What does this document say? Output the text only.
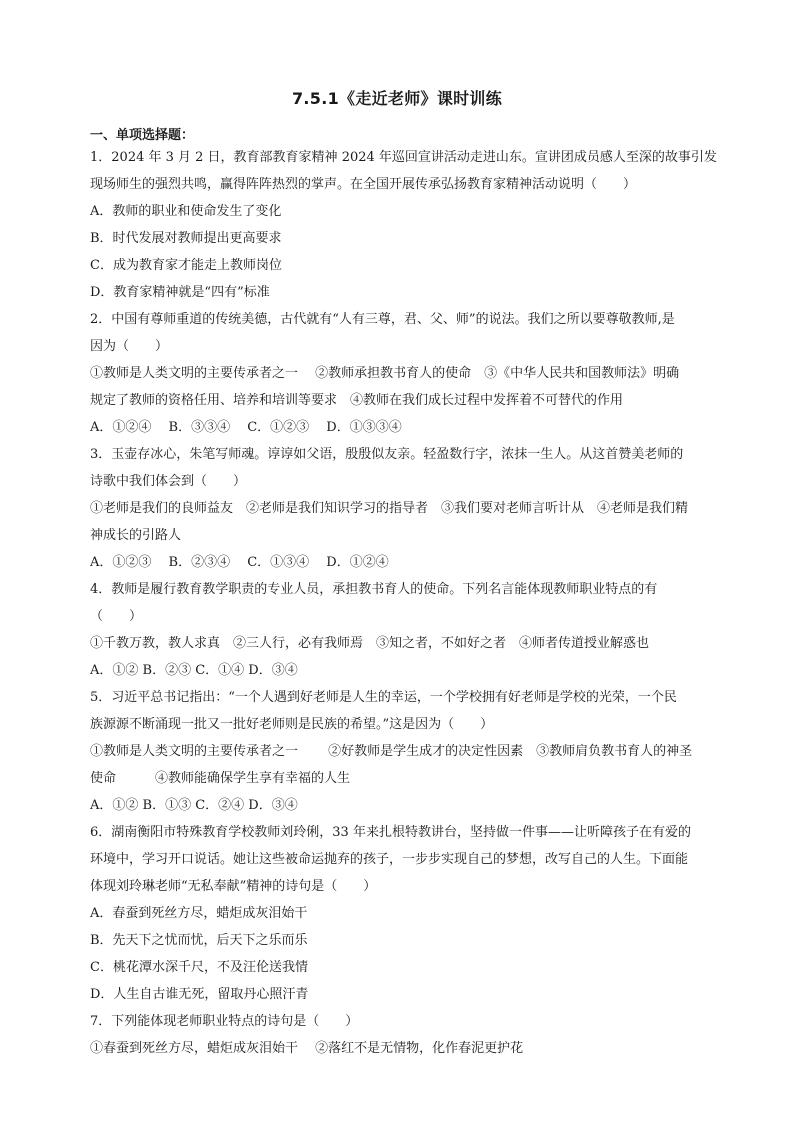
7.5.1《走近老师》课时训练
一、单项选择题：
1．2024 年 3 月 2 日，教育部教育家精神 2024 年巡回宣讲活动走进山东。宣讲团成员感人至深的故事引发
现场师生的强烈共鸣，赢得阵阵热烈的掌声。在全国开展传承弘扬教育家精神活动说明（　　）
A．教师的职业和使命发生了变化
B．时代发展对教师提出更高要求
C．成为教育家才能走上教师岗位
D．教育家精神就是“四有”标准
2．中国有尊师重道的传统美德，古代就有“人有三尊，君、父、师”的说法。我们之所以要尊敬教师,是
因为（　　）
①教师是人类文明的主要传承者之一　 ②教师承担教书育人的使命　③《中华人民共和国教师法》明确
规定了教师的资格任用、培养和培训等要求　④教师在我们成长过程中发挥着不可替代的作用
A．①②④　 B．③③④　 C．①②③　 D．①③③④
3．玉壶存冰心，朱笔写师魂。谆谆如父语，殷殷似友亲。轻盈数行字，浓抹一生人。从这首赞美老师的
诗歌中我们体会到（　　）
①老师是我们的良师益友　②老师是我们知识学习的指导者　③我们要对老师言听计从　④老师是我们精
神成长的引路人
A．①②③　 B．②③④　 C．①③④　 D．①②④
4．教师是履行教育教学职责的专业人员，承担教书育人的使命。下列名言能体现教师职业特点的有
（　　）
①千教万教，教人求真　②三人行，必有我师焉　③知之者，不如好之者　④师者传道授业解惑也
A．①② B．②③ C．①④ D．③④
5．习近平总书记指出：“一个人遇到好老师是人生的幸运，一个学校拥有好老师是学校的光荣，一个民
族源源不断涌现一批又一批好老师则是民族的希望。”这是因为（　　）
①教师是人类文明的主要传承者之一　　 ②好教师是学生成才的决定性因素　③教师肩负教书育人的神圣
使命　　　④教师能确保学生享有幸福的人生
A．①② B．①③ C．②④ D．③④
6．湖南衡阳市特殊教育学校教师刘玲俐，33 年来扎根特教讲台，坚持做一件事——让听障孩子在有爱的
环境中，学习开口说话。她让这些被命运抛弃的孩子，一步步实现自己的梦想，改写自己的人生。下面能
体现刘玲琳老师“无私奉献”精神的诗句是（　　）
A．春蚕到死丝方尽，蜡炬成灰泪始干
B．先天下之忧而忧，后天下之乐而乐
C．桃花潭水深千尺，不及汪伦送我情
D．人生自古谁无死，留取丹心照汗青
7．下列能体现老师职业特点的诗句是（　　）
①春蚕到死丝方尽，蜡炬成灰泪始干　 ②落红不是无情物，化作春泥更护花
